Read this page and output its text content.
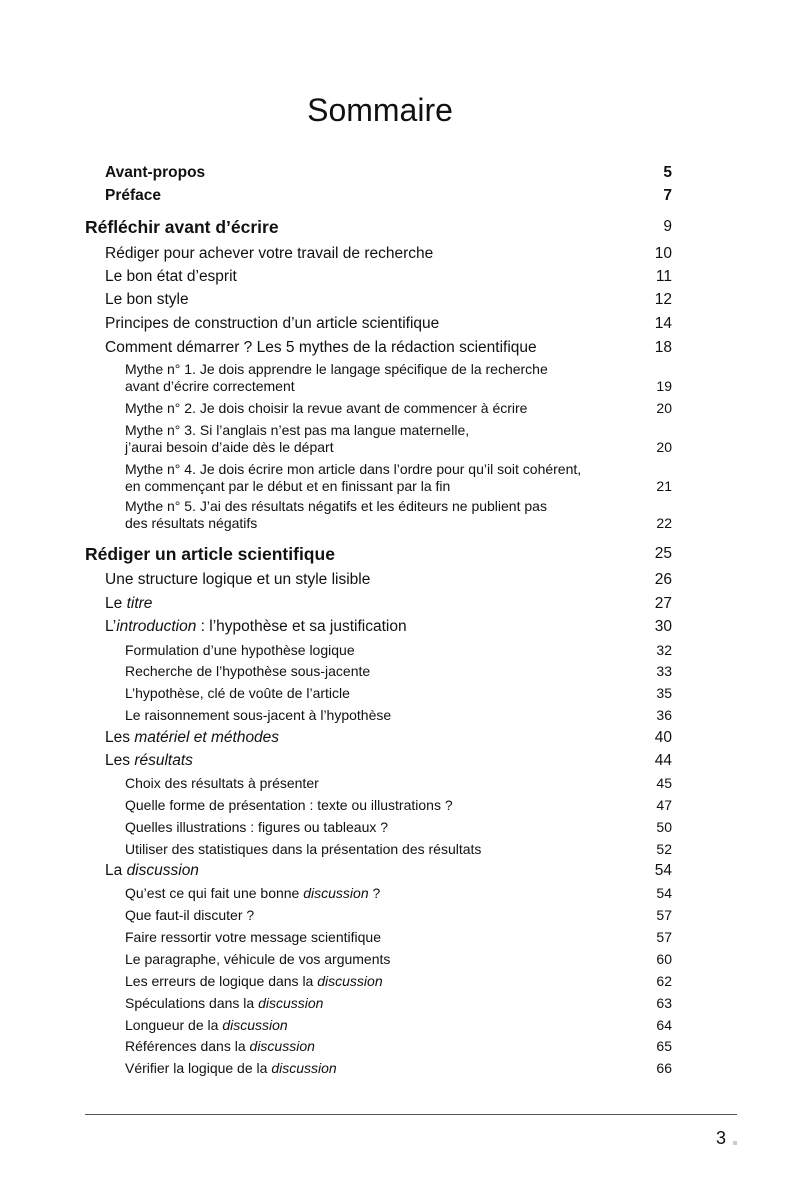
Sommaire
Avant-propos	5
Préface	7
Réfléchir avant d’écrire	9
Rédiger pour achever votre travail de recherche	10
Le bon état d’esprit	11
Le bon style	12
Principes de construction d’un article scientifique	14
Comment démarrer ? Les 5 mythes de la rédaction scientifique	18
Mythe n° 1. Je dois apprendre le langage spécifique de la recherche
avant d’écrire correctement	19
Mythe n° 2. Je dois choisir la revue avant de commencer à écrire	20
Mythe n° 3. Si l’anglais n’est pas ma langue maternelle,
j’aurai besoin d’aide dès le départ	20
Mythe n° 4. Je dois écrire mon article dans l’ordre pour qu’il soit cohérent,
en commençant par le début et en finissant par la fin	21
Mythe n° 5. J’ai des résultats négatifs et les éditeurs ne publient pas
des résultats négatifs	22
Rédiger un article scientifique	25
Une structure logique et un style lisible	26
Le titre	27
L’introduction : l’hypothèse et sa justification	30
Formulation d’une hypothèse logique	32
Recherche de l’hypothèse sous-jacente	33
L’hypothèse, clé de voûte de l’article	35
Le raisonnement sous-jacent à l’hypothèse	36
Les matériel et méthodes	40
Les résultats	44
Choix des résultats à présenter	45
Quelle forme de présentation : texte ou illustrations ?	47
Quelles illustrations : figures ou tableaux ?	50
Utiliser des statistiques dans la présentation des résultats	52
La discussion	54
Qu’est ce qui fait une bonne discussion ?	54
Que faut-il discuter ?	57
Faire ressortir votre message scientifique	57
Le paragraphe, véhicule de vos arguments	60
Les erreurs de logique dans la discussion	62
Spéculations dans la discussion	63
Longueur de la discussion	64
Références dans la discussion	65
Vérifier la logique de la discussion	66
3
